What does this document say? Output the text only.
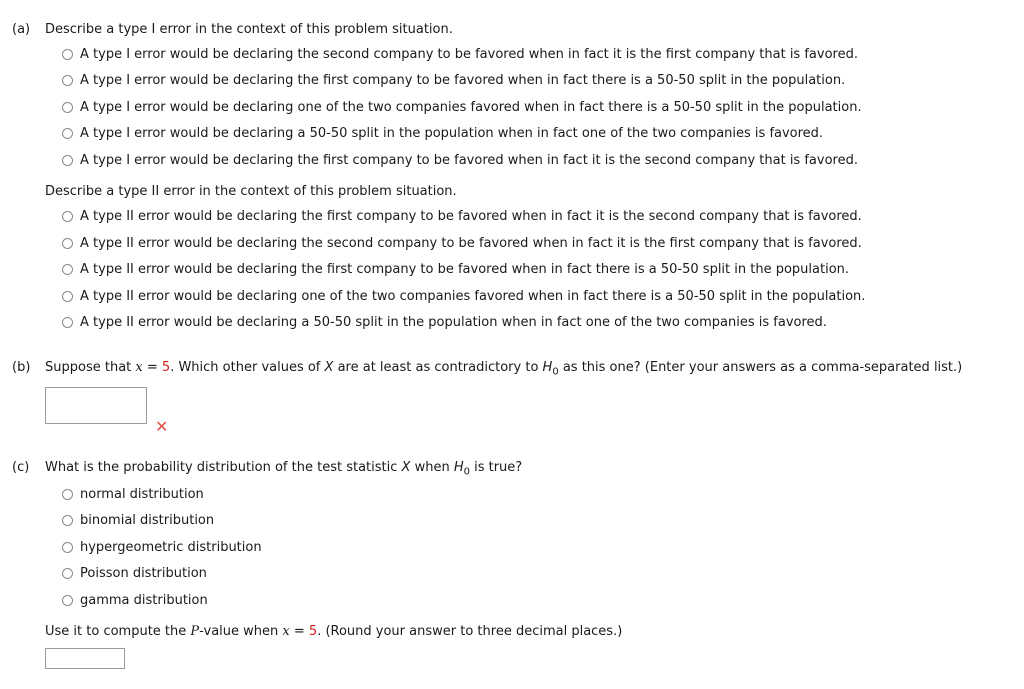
(a) Describe a type I error in the context of this problem situation.
A type I error would be declaring the second company to be favored when in fact it is the first company that is favored.
A type I error would be declaring the first company to be favored when in fact there is a 50-50 split in the population.
A type I error would be declaring one of the two companies favored when in fact there is a 50-50 split in the population.
A type I error would be declaring a 50-50 split in the population when in fact one of the two companies is favored.
A type I error would be declaring the first company to be favored when in fact it is the second company that is favored.
Describe a type II error in the context of this problem situation.
A type II error would be declaring the first company to be favored when in fact it is the second company that is favored.
A type II error would be declaring the second company to be favored when in fact it is the first company that is favored.
A type II error would be declaring the first company to be favored when in fact there is a 50-50 split in the population.
A type II error would be declaring one of the two companies favored when in fact there is a 50-50 split in the population.
A type II error would be declaring a 50-50 split in the population when in fact one of the two companies is favored.
(b) Suppose that x = 5. Which other values of X are at least as contradictory to $H_0$ as this one? (Enter your answers as a comma-separated list.)
✕
(c) What is the probability distribution of the test statistic X when $H_0$ is true?
normal distribution
binomial distribution
hypergeometric distribution
Poisson distribution
gamma distribution
Use it to compute the P-value when x = 5. (Round your answer to three decimal places.)
